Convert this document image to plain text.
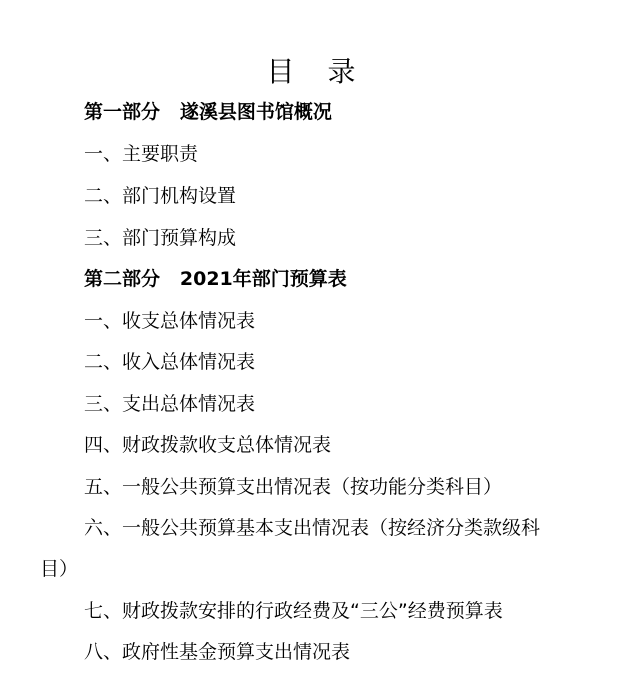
目 录
第一部分 遂溪县图书馆概况
一、主要职责
二、部门机构设置
三、部门预算构成
第二部分 2021年部门预算表
一、收支总体情况表
二、收入总体情况表
三、支出总体情况表
四、财政拨款收支总体情况表
五、一般公共预算支出情况表（按功能分类科目）
六、一般公共预算基本支出情况表（按经济分类款级科
目）
七、财政拨款安排的行政经费及“三公”经费预算表
八、政府性基金预算支出情况表
